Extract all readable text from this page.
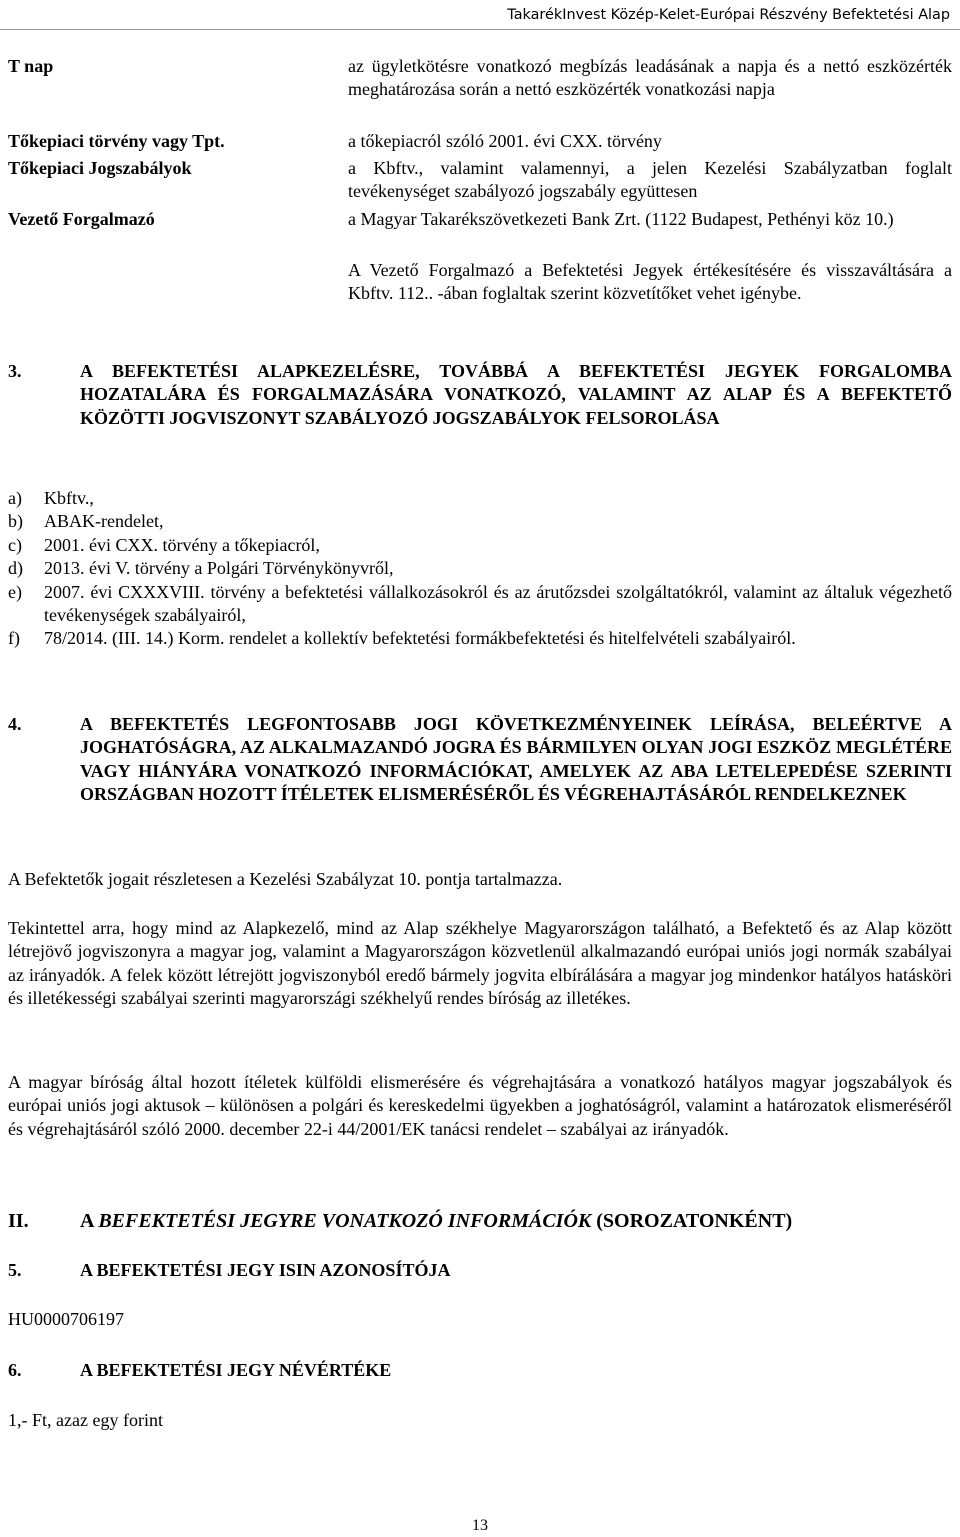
TakarékInvest Közép-Kelet-Európai Részvény Befektetési Alap
T nap	az ügyletkötésre vonatkozó megbízás leadásának a napja és a nettó eszközérték meghatározása során a nettó eszközérték vonatkozási napja
Tőkepiaci törvény vagy Tpt.	a tőkepiacról szóló 2001. évi CXX. törvény
Tőkepiaci Jogszabályok	a Kbftv., valamint valamennyi, a jelen Kezelési Szabályzatban foglalt tevékenységet szabályozó jogszabály együttesen
Vezető Forgalmazó	a Magyar Takarékszövetkezeti Bank Zrt. (1122 Budapest, Pethényi köz 10.)
A Vezető Forgalmazó a Befektetési Jegyek értékesítésére és visszaváltására a Kbftv. 112.. -ában foglaltak szerint közvetítőket vehet igénybe.
3.	A BEFEKTETÉSI ALAPKEZELÉSRE, TOVÁBBÁ A BEFEKTETÉSI JEGYEK FORGALOMBA HOZATALÁRA ÉS FORGALMAZÁSÁRA VONATKOZÓ, VALAMINT AZ ALAP ÉS A BEFEKTETŐ KÖZÖTTI JOGVISZONYT SZABÁLYOZÓ JOGSZABÁLYOK FELSOROLÁSA
a)	Kbftv.,
b)	ABAK-rendelet,
c)	2001. évi CXX. törvény a tőkepiacról,
d)	2013. évi V. törvény a Polgári Törvénykönyvről,
e)	2007. évi CXXXVIII. törvény a befektetési vállalkozásokról és az árutőzsdei szolgáltatókról, valamint az általuk végezhető tevékenységek szabályairól,
f)	78/2014. (III. 14.) Korm. rendelet a kollektív befektetési formákbefektetési és hitelfelvételi szabályairól.
4.	A BEFEKTETÉS LEGFONTOSABB JOGI KÖVETKEZMÉNYEINEK LEÍRÁSA, BELEÉRTVE A JOGHATÓSÁGRA, AZ ALKALMAZANDÓ JOGRA ÉS BÁRMILYEN OLYAN JOGI ESZKÖZ MEGLÉTÉRE VAGY HIÁNYÁRA VONATKOZÓ INFORMÁCIÓKAT, AMELYEK AZ ABA LETELEPEDÉSE SZERINTI ORSZÁGBAN HOZOTT ÍTÉLETEK ELISMERÉSÉRŐL ÉS VÉGREHAJTÁSÁRÓL RENDELKEZNEK

A Befektetők jogait részletesen a Kezelési Szabályzat 10. pontja tartalmazza.

Tekintettel arra, hogy mind az Alapkezelő, mind az Alap székhelye Magyarországon található, a Befektető és az Alap között létrejövő jogviszonyra a magyar jog, valamint a Magyarországon közvetlenül alkalmazandó európai uniós jogi normák szabályai az irányadók. A felek között létrejött jogviszonyból eredő bármely jogvita elbírálására a magyar jog mindenkor hatályos hatásköri és illetékességi szabályai szerinti magyarországi székhelyű rendes bíróság az illetékes.

A magyar bíróság által hozott ítéletek külföldi elismerésére és végrehajtására a vonatkozó hatályos magyar jogszabályok és európai uniós jogi aktusok – különösen a polgári és kereskedelmi ügyekben a joghatóságról, valamint a határozatok elismeréséről és végrehajtásáról szóló 2000. december 22-i 44/2001/EK tanácsi rendelet – szabályai az irányadók.

II.	A BEFEKTETÉSI JEGYRE VONATKOZÓ INFORMÁCIÓK (SOROZATONKÉNT)
5.	A BEFEKTETÉSI JEGY ISIN AZONOSÍTÓJA

HU0000706197

6.	A BEFEKTETÉSI JEGY NÉVÉRTÉKE

1,- Ft, azaz egy forint

13
